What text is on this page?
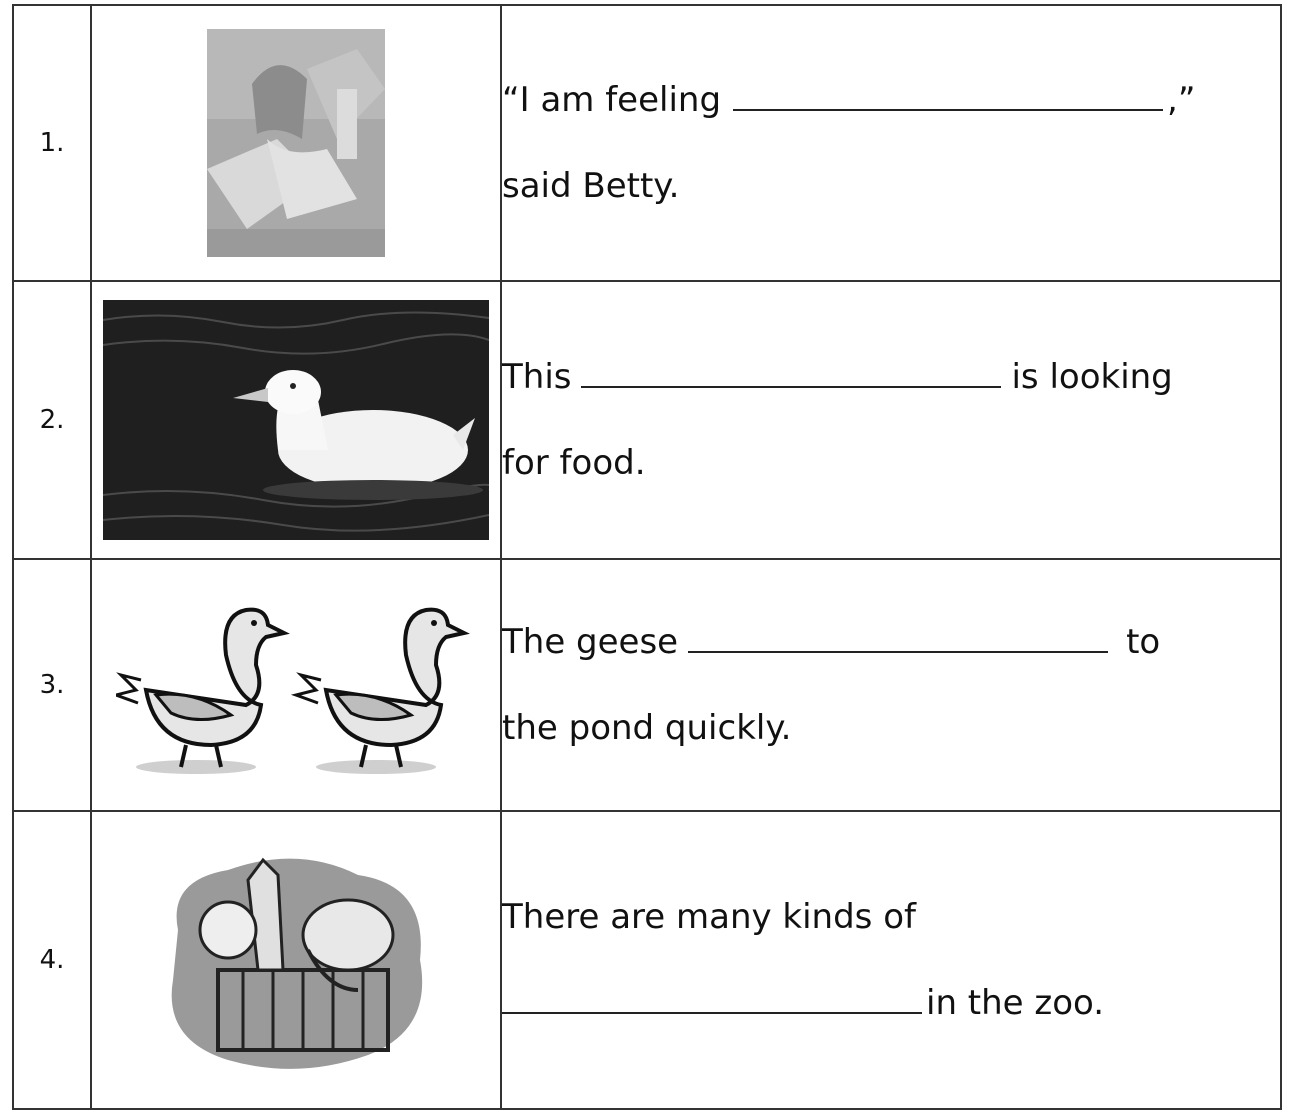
1.		“I am feeling ,”
said Betty.

2.		This is looking
for food.

3.		The geese to
the pond quickly.

4.		There are many kinds of
in the zoo.
